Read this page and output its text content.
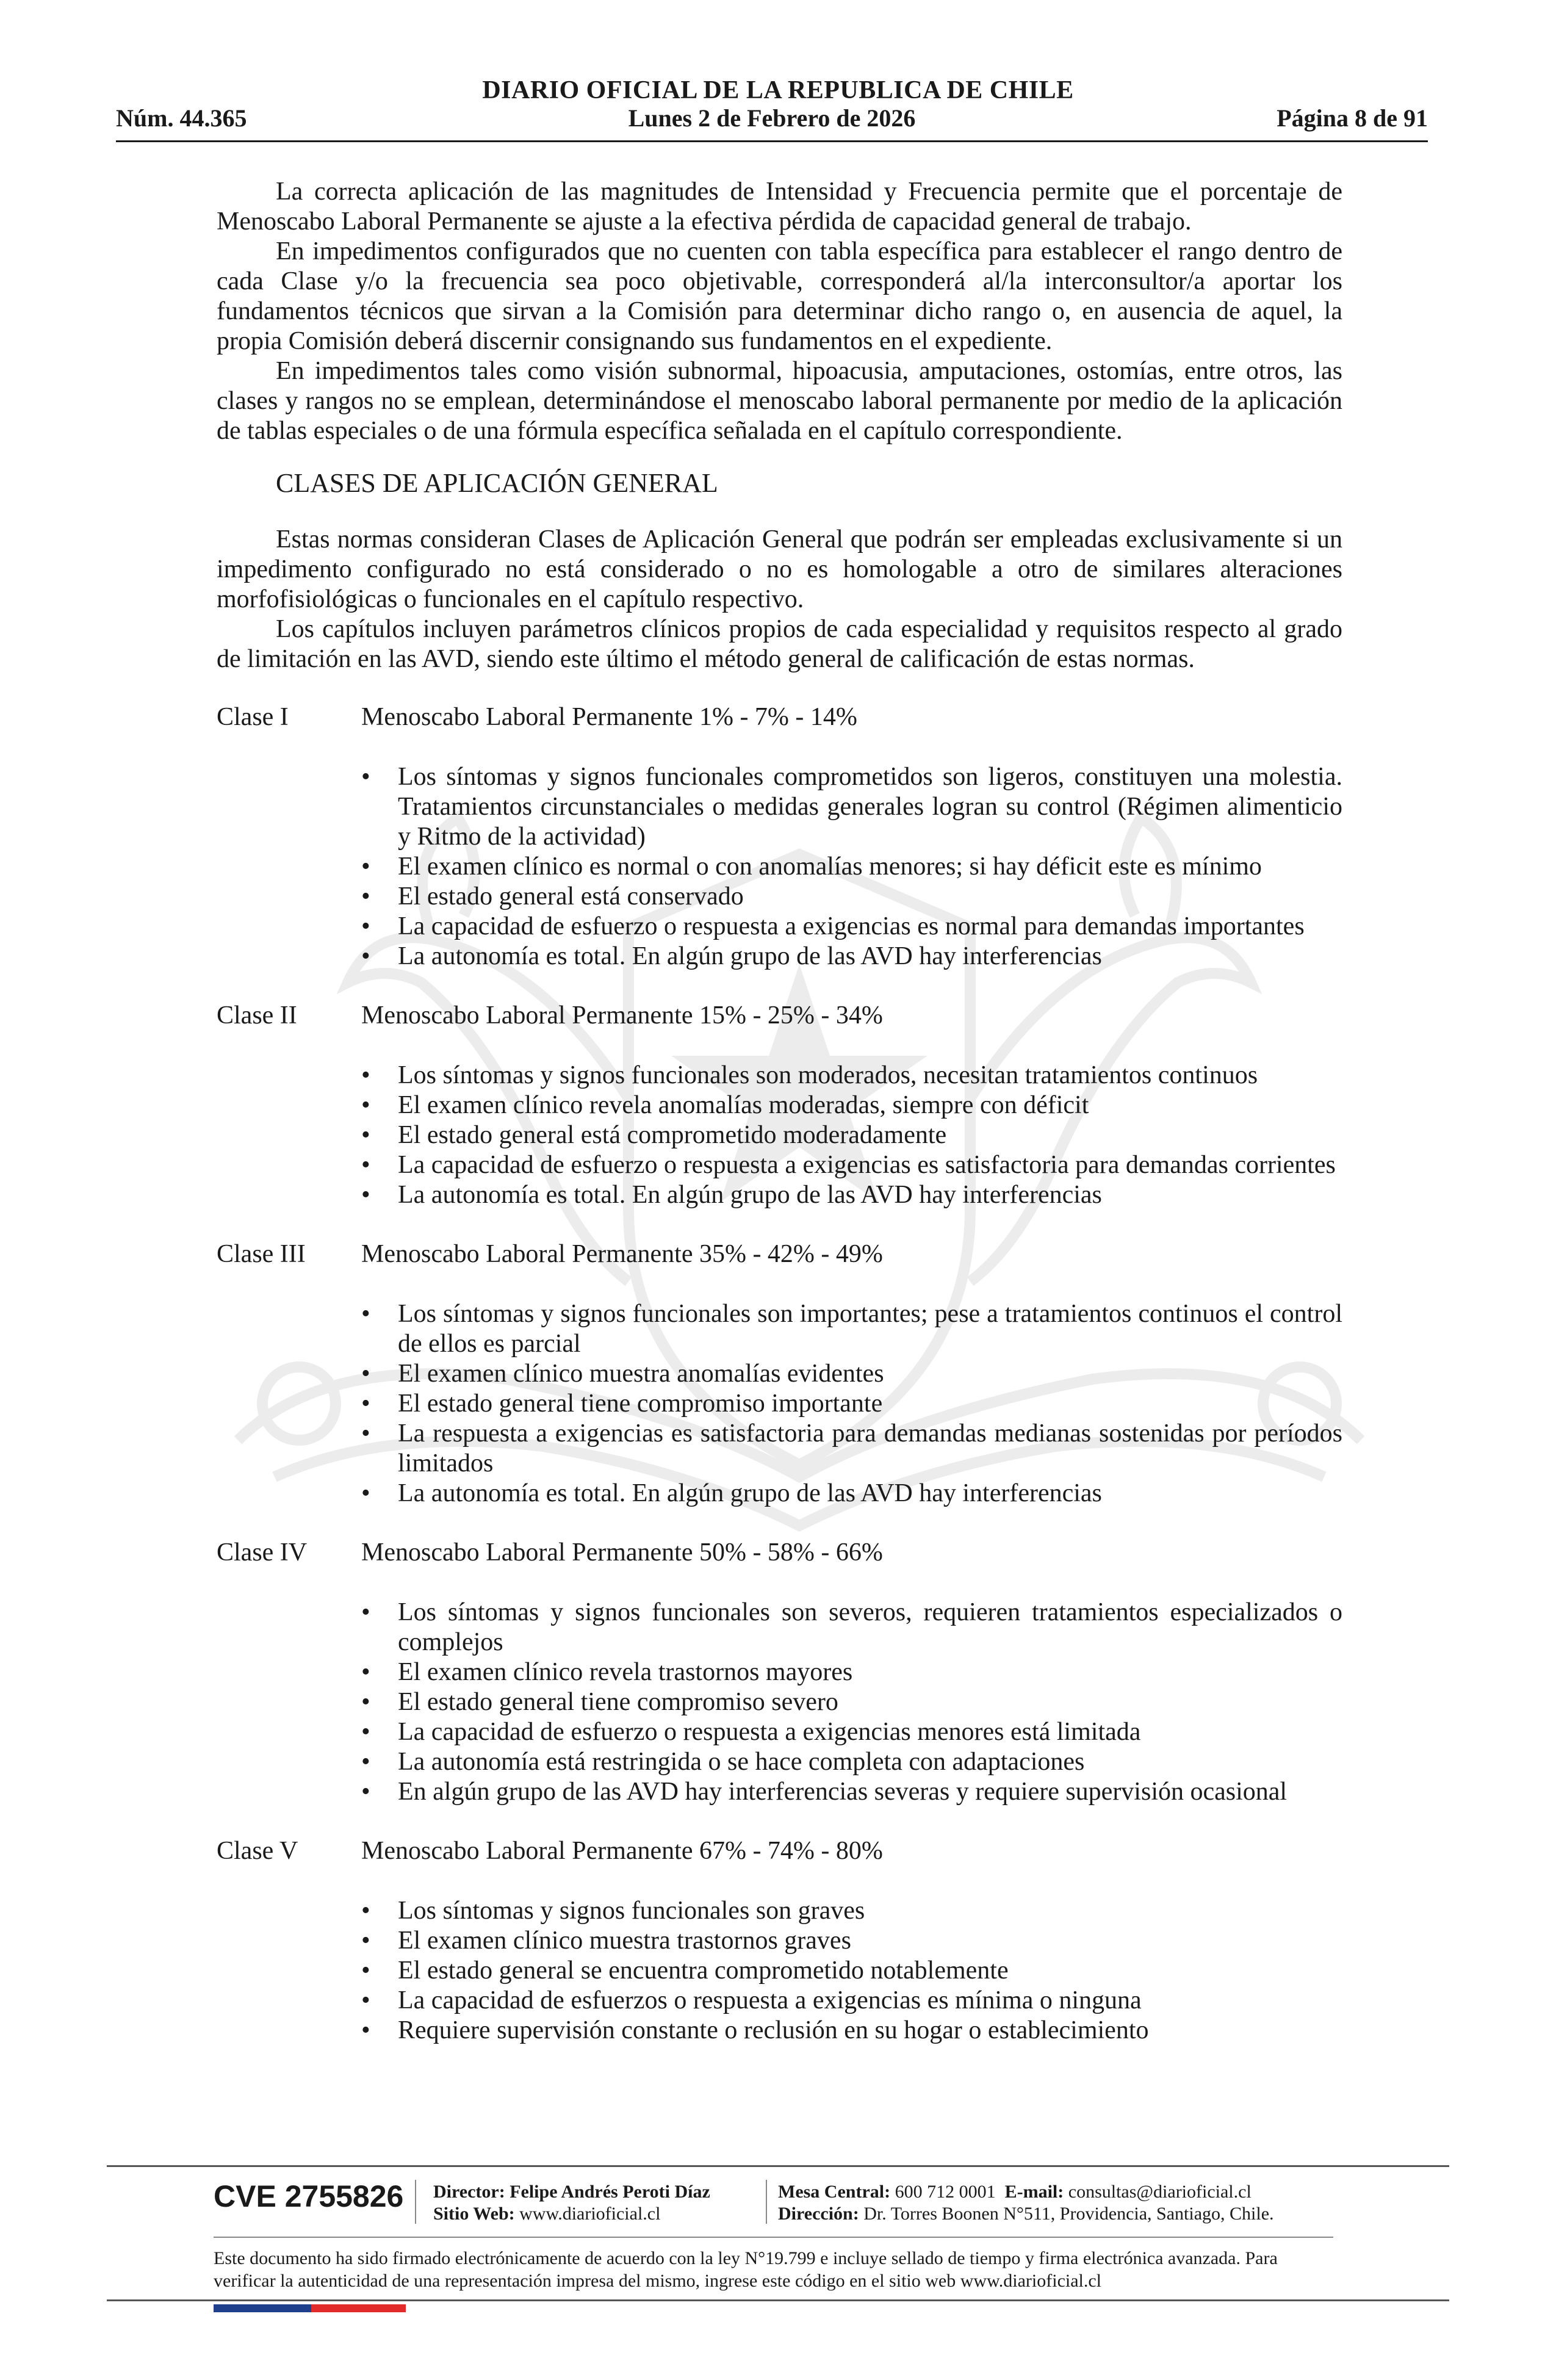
DIARIO OFICIAL DE LA REPUBLICA DE CHILE
Núm. 44.365	Lunes 2 de Febrero de 2026	Página 8 de 91

La correcta aplicación de las magnitudes de Intensidad y Frecuencia permite que el porcentaje de Menoscabo Laboral Permanente se ajuste a la efectiva pérdida de capacidad general de trabajo.

En impedimentos configurados que no cuenten con tabla específica para establecer el rango dentro de cada Clase y/o la frecuencia sea poco objetivable, corresponderá al/la interconsultor/a aportar los fundamentos técnicos que sirvan a la Comisión para determinar dicho rango o, en ausencia de aquel, la propia Comisión deberá discernir consignando sus fundamentos en el expediente.

En impedimentos tales como visión subnormal, hipoacusia, amputaciones, ostomías, entre otros, las clases y rangos no se emplean, determinándose el menoscabo laboral permanente por medio de la aplicación de tablas especiales o de una fórmula específica señalada en el capítulo correspondiente.

CLASES DE APLICACIÓN GENERAL

Estas normas consideran Clases de Aplicación General que podrán ser empleadas exclusivamente si un impedimento configurado no está considerado o no es homologable a otro de similares alteraciones morfofisiológicas o funcionales en el capítulo respectivo.

Los capítulos incluyen parámetros clínicos propios de cada especialidad y requisitos respecto al grado de limitación en las AVD, siendo este último el método general de calificación de estas normas.

Clase I	Menoscabo Laboral Permanente 1% - 7% - 14%
• Los síntomas y signos funcionales comprometidos son ligeros, constituyen una molestia. Tratamientos circunstanciales o medidas generales logran su control (Régimen alimenticio y Ritmo de la actividad)
• El examen clínico es normal o con anomalías menores; si hay déficit este es mínimo
• El estado general está conservado
• La capacidad de esfuerzo o respuesta a exigencias es normal para demandas importantes
• La autonomía es total. En algún grupo de las AVD hay interferencias
Clase II	Menoscabo Laboral Permanente 15% - 25% - 34%
• Los síntomas y signos funcionales son moderados, necesitan tratamientos continuos
• El examen clínico revela anomalías moderadas, siempre con déficit
• El estado general está comprometido moderadamente
• La capacidad de esfuerzo o respuesta a exigencias es satisfactoria para demandas corrientes
• La autonomía es total. En algún grupo de las AVD hay interferencias
Clase III Menoscabo Laboral Permanente 35% - 42% - 49%
• Los síntomas y signos funcionales son importantes; pese a tratamientos continuos el control de ellos es parcial
• El examen clínico muestra anomalías evidentes
• El estado general tiene compromiso importante
• La respuesta a exigencias es satisfactoria para demandas medianas sostenidas por períodos limitados
• La autonomía es total. En algún grupo de las AVD hay interferencias
Clase IV Menoscabo Laboral Permanente 50% - 58% - 66%
• Los síntomas y signos funcionales son severos, requieren tratamientos especializados o complejos
• El examen clínico revela trastornos mayores
• El estado general tiene compromiso severo
• La capacidad de esfuerzo o respuesta a exigencias menores está limitada
• La autonomía está restringida o se hace completa con adaptaciones
• En algún grupo de las AVD hay interferencias severas y requiere supervisión ocasional
Clase V Menoscabo Laboral Permanente 67% - 74% - 80%
• Los síntomas y signos funcionales son graves
• El examen clínico muestra trastornos graves
• El estado general se encuentra comprometido notablemente
• La capacidad de esfuerzos o respuesta a exigencias es mínima o ninguna
• Requiere supervisión constante o reclusión en su hogar o establecimiento
CVE 2755826 Director: Felipe Andrés Peroti Díaz
Sitio Web: www.diarioficial.cl
Mesa Central: 600 712 0001 E-mail: consultas@diarioficial.cl
Dirección: Dr. Torres Boonen N°511, Providencia, Santiago, Chile.
Este documento ha sido firmado electrónicamente de acuerdo con la ley N°19.799 e incluye sellado de tiempo y firma electrónica avanzada. Para verificar la autenticidad de una representación impresa del mismo, ingrese este código en el sitio web www.diarioficial.cl
